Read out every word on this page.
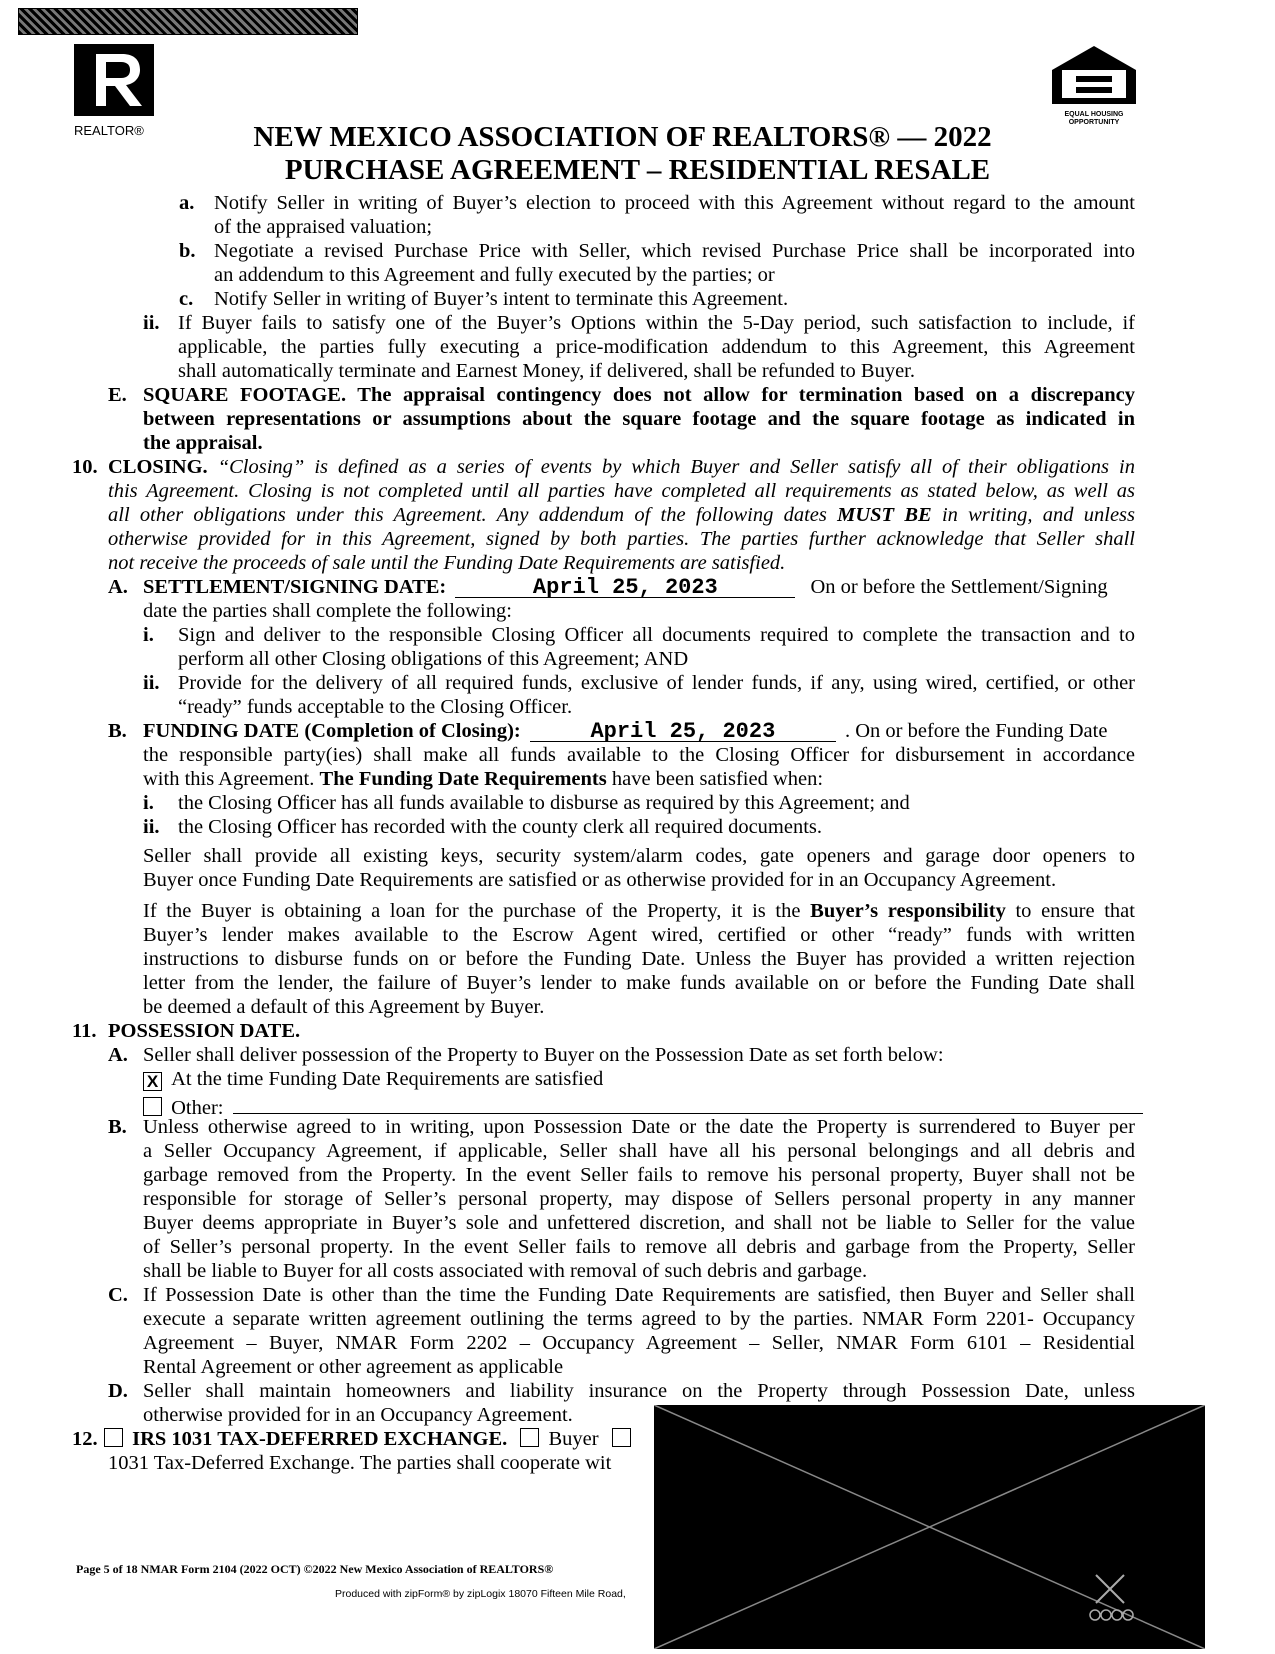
REALTOR®
EQUAL HOUSING
OPPORTUNITY
NEW MEXICO ASSOCIATION OF REALTORS® — 2022
PURCHASE AGREEMENT – RESIDENTIAL RESALE
a. Notify Seller in writing of Buyer’s election to proceed with this Agreement without regard to the amount
of the appraised valuation;
b. Negotiate a revised Purchase Price with Seller, which revised Purchase Price shall be incorporated into
an addendum to this Agreement and fully executed by the parties; or
c. Notify Seller in writing of Buyer’s intent to terminate this Agreement.
ii. If Buyer fails to satisfy one of the Buyer’s Options within the 5-Day period, such satisfaction to include, if
applicable, the parties fully executing a price-modification addendum to this Agreement, this Agreement
shall automatically terminate and Earnest Money, if delivered, shall be refunded to Buyer.
E. SQUARE FOOTAGE. The appraisal contingency does not allow for termination based on a discrepancy
between representations or assumptions about the square footage and the square footage as indicated in
the appraisal.
10. CLOSING. “Closing” is defined as a series of events by which Buyer and Seller satisfy all of their obligations in
this Agreement. Closing is not completed until all parties have completed all requirements as stated below, as well as
all other obligations under this Agreement. Any addendum of the following dates MUST BE in writing, and unless
otherwise provided for in this Agreement, signed by both parties. The parties further acknowledge that Seller shall
not receive the proceeds of sale until the Funding Date Requirements are satisfied.
A. SETTLEMENT/SIGNING DATE:	April 25, 2023	On or before the Settlement/Signing
date the parties shall complete the following:
i. Sign and deliver to the responsible Closing Officer all documents required to complete the transaction and to
perform all other Closing obligations of this Agreement; AND
ii. Provide for the delivery of all required funds, exclusive of lender funds, if any, using wired, certified, or other
“ready” funds acceptable to the Closing Officer.
B. FUNDING DATE (Completion of Closing):	April 25, 2023	. On or before the Funding Date
the responsible party(ies) shall make all funds available to the Closing Officer for disbursement in accordance
with this Agreement. The Funding Date Requirements have been satisfied when:
i. the Closing Officer has all funds available to disburse as required by this Agreement; and
ii. the Closing Officer has recorded with the county clerk all required documents.
Seller shall provide all existing keys, security system/alarm codes, gate openers and garage door openers to
Buyer once Funding Date Requirements are satisfied or as otherwise provided for in an Occupancy Agreement.
If the Buyer is obtaining a loan for the purchase of the Property, it is the Buyer’s responsibility to ensure that
Buyer’s lender makes available to the Escrow Agent wired, certified or other “ready” funds with written
instructions to disburse funds on or before the Funding Date. Unless the Buyer has provided a written rejection
letter from the lender, the failure of Buyer’s lender to make funds available on or before the Funding Date shall
be deemed a default of this Agreement by Buyer.
11. POSSESSION DATE.
A. Seller shall deliver possession of the Property to Buyer on the Possession Date as set forth below:
X At the time Funding Date Requirements are satisfied
Other:
B. Unless otherwise agreed to in writing, upon Possession Date or the date the Property is surrendered to Buyer per
a Seller Occupancy Agreement, if applicable, Seller shall have all his personal belongings and all debris and
garbage removed from the Property. In the event Seller fails to remove his personal property, Buyer shall not be
responsible for storage of Seller’s personal property, may dispose of Sellers personal property in any manner
Buyer deems appropriate in Buyer’s sole and unfettered discretion, and shall not be liable to Seller for the value
of Seller’s personal property. In the event Seller fails to remove all debris and garbage from the Property, Seller
shall be liable to Buyer for all costs associated with removal of such debris and garbage.
C. If Possession Date is other than the time the Funding Date Requirements are satisfied, then Buyer and Seller shall
execute a separate written agreement outlining the terms agreed to by the parties. NMAR Form 2201- Occupancy
Agreement – Buyer, NMAR Form 2202 – Occupancy Agreement – Seller, NMAR Form 6101 – Residential
Rental Agreement or other agreement as applicable
D. Seller shall maintain homeowners and liability insurance on the Property through Possession Date, unless
otherwise provided for in an Occupancy Agreement.
12.	IRS 1031 TAX-DEFERRED EXCHANGE. Buyer
1031 Tax-Deferred Exchange. The parties shall cooperate wit
Page 5 of 18 NMAR Form 2104 (2022 OCT) ©2022 New Mexico Association of REALTORS®
Produced with zipForm® by zipLogix 18070 Fifteen Mile Road,
